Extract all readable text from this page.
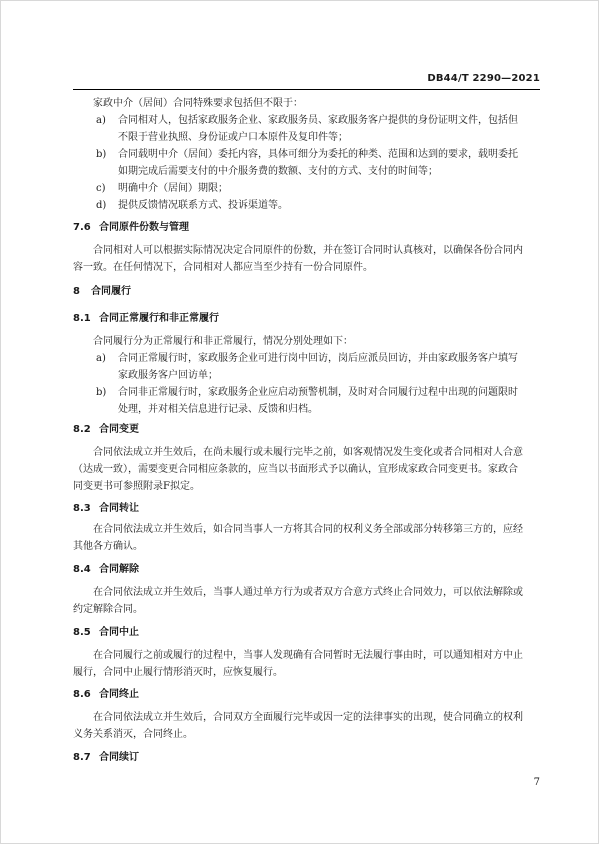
DB44/T 2290—2021
家政中介（居间）合同特殊要求包括但不限于：
a) 合同相对人，包括家政服务企业、家政服务员、家政服务客户提供的身份证明文件，包括但
不限于营业执照、身份证或户口本原件及复印件等；
b) 合同载明中介（居间）委托内容，具体可细分为委托的种类、范围和达到的要求，载明委托
如期完成后需要支付的中介服务费的数额、支付的方式、支付的时间等；
c) 明确中介（居间）期限；
d) 提供反馈情况联系方式、投诉渠道等。
7.6 合同原件份数与管理
合同相对人可以根据实际情况决定合同原件的份数，并在签订合同时认真核对，以确保各份合同内
容一致。在任何情况下，合同相对人都应当至少持有一份合同原件。
8 合同履行
8.1 合同正常履行和非正常履行
合同履行分为正常履行和非正常履行，情况分别处理如下：
a) 合同正常履行时，家政服务企业可进行岗中回访，岗后应派员回访，并由家政服务客户填写
家政服务客户回访单；
b) 合同非正常履行时，家政服务企业应启动预警机制，及时对合同履行过程中出现的问题限时
处理，并对相关信息进行记录、反馈和归档。
8.2 合同变更
合同依法成立并生效后，在尚未履行或未履行完毕之前，如客观情况发生变化或者合同相对人合意
（达成一致），需要变更合同相应条款的，应当以书面形式予以确认，宜形成家政合同变更书。家政合
同变更书可参照附录F拟定。
8.3 合同转让
在合同依法成立并生效后，如合同当事人一方将其合同的权利义务全部或部分转移第三方的，应经
其他各方确认。
8.4 合同解除
在合同依法成立并生效后，当事人通过单方行为或者双方合意方式终止合同效力，可以依法解除或
约定解除合同。
8.5 合同中止
在合同履行之前或履行的过程中，当事人发现确有合同暂时无法履行事由时，可以通知相对方中止
履行，合同中止履行情形消灭时，应恢复履行。
8.6 合同终止
在合同依法成立并生效后，合同双方全面履行完毕或因一定的法律事实的出现，使合同确立的权利
义务关系消灭，合同终止。
8.7 合同续订
7
